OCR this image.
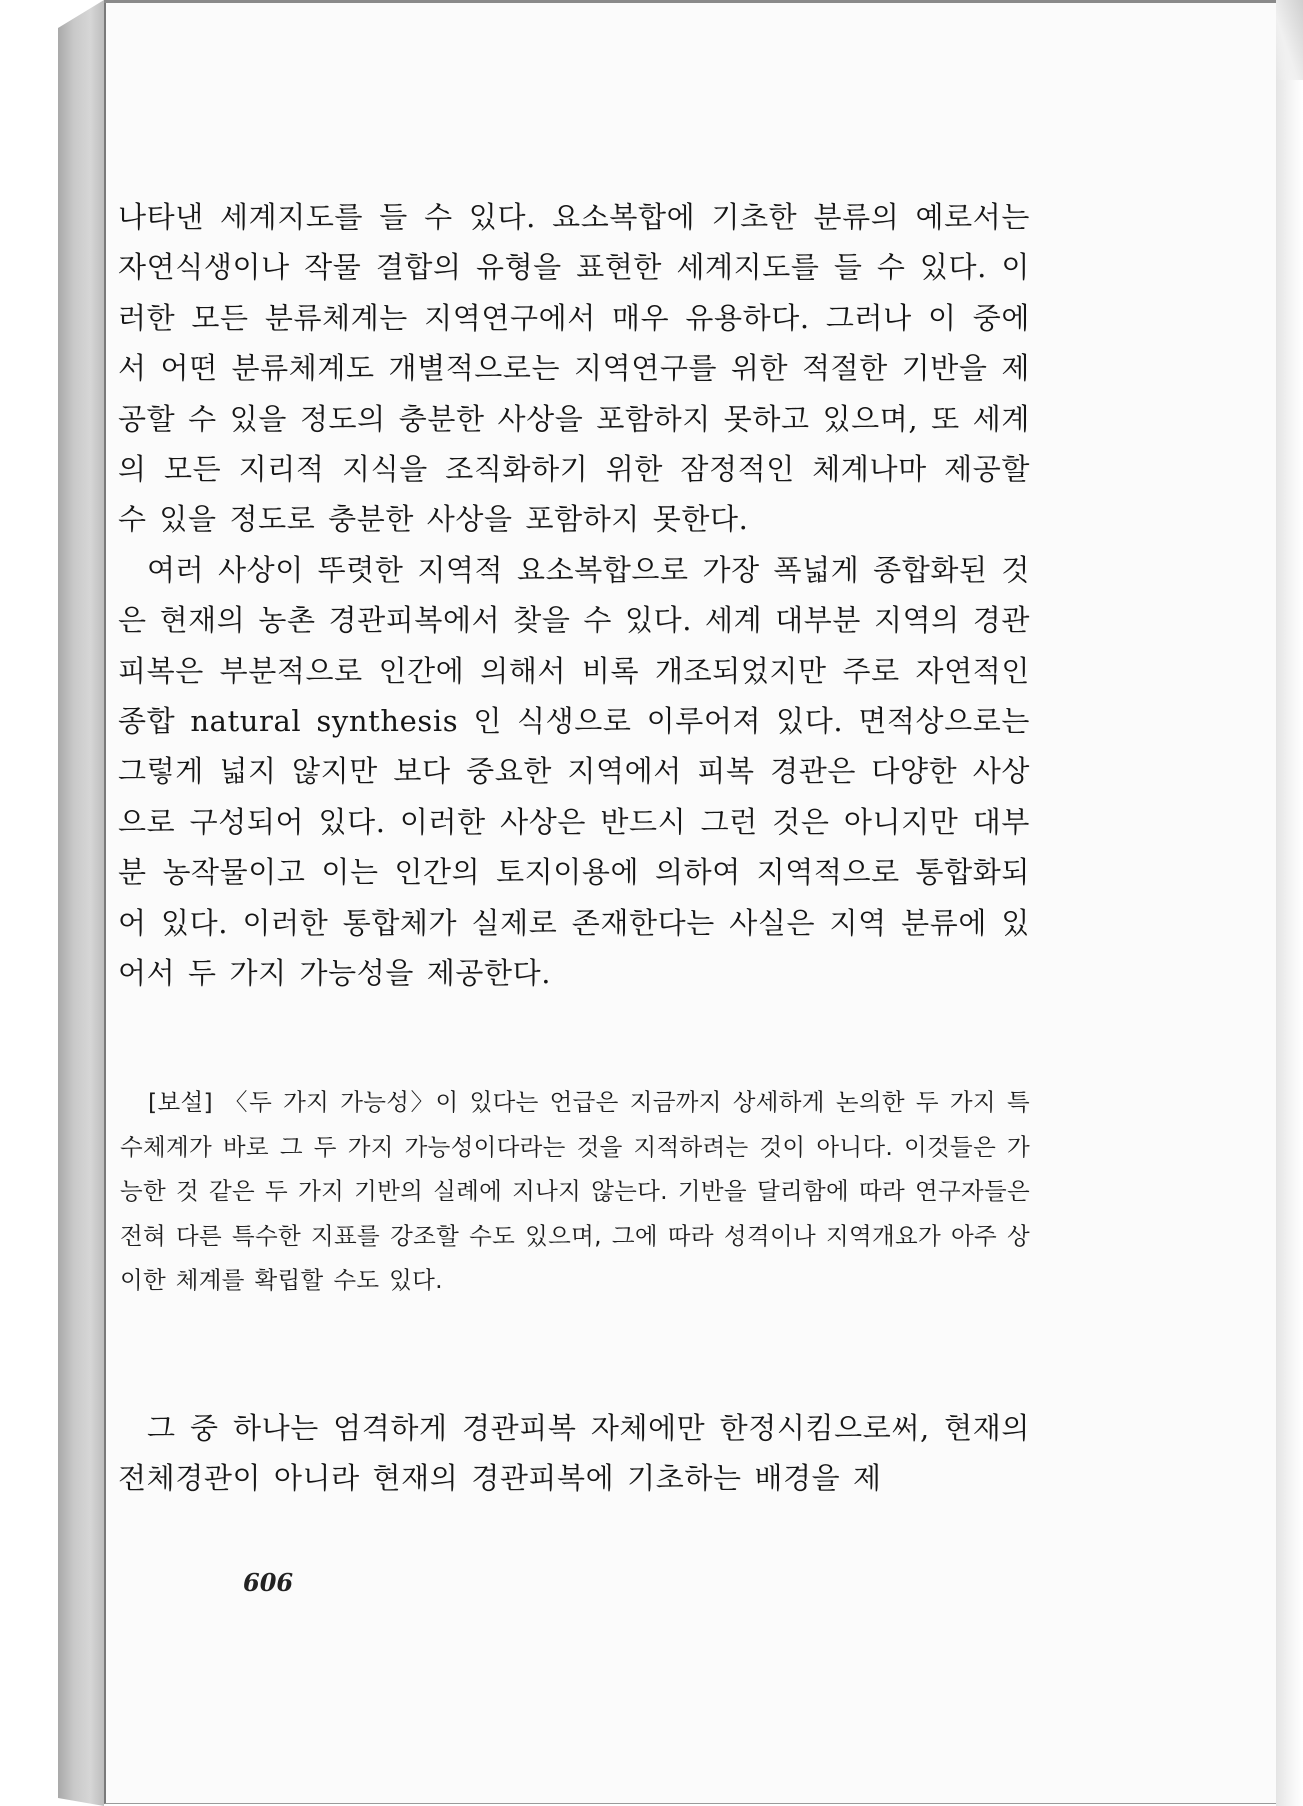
나타낸 세계지도를 들 수 있다. 요소복합에 기초한 분류의 예로서는 자연식생이나 작물 결합의 유형을 표현한 세계지도를 들 수 있다. 이러한 모든 분류체계는 지역연구에서 매우 유용하다. 그러나 이 중에서 어떤 분류체계도 개별적으로는 지역연구를 위한 적절한 기반을 제공할 수 있을 정도의 충분한 사상을 포함하지 못하고 있으며, 또 세계의 모든 지리적 지식을 조직화하기 위한 잠정적인 체계나마 제공할 수 있을 정도로 충분한 사상을 포함하지 못한다.

여러 사상이 뚜렷한 지역적 요소복합으로 가장 폭넓게 종합화된 것은 현재의 농촌 경관피복에서 찾을 수 있다. 세계 대부분 지역의 경관피복은 부분적으로 인간에 의해서 비록 개조되었지만 주로 자연적인 종합 natural synthesis 인 식생으로 이루어져 있다. 면적상으로는 그렇게 넓지 않지만 보다 중요한 지역에서 피복 경관은 다양한 사상으로 구성되어 있다. 이러한 사상은 반드시 그런 것은 아니지만 대부분 농작물이고 이는 인간의 토지이용에 의하여 지역적으로 통합화되어 있다. 이러한 통합체가 실제로 존재한다는 사실은 지역 분류에 있어서 두 가지 가능성을 제공한다.

[보설] 〈두 가지 가능성〉이 있다는 언급은 지금까지 상세하게 논의한 두 가지 특수체계가 바로 그 두 가지 가능성이다라는 것을 지적하려는 것이 아니다. 이것들은 가능한 것 같은 두 가지 기반의 실례에 지나지 않는다. 기반을 달리함에 따라 연구자들은 전혀 다른 특수한 지표를 강조할 수도 있으며, 그에 따라 성격이나 지역개요가 아주 상이한 체계를 확립할 수도 있다.

그 중 하나는 엄격하게 경관피복 자체에만 한정시킴으로써, 현재의 전체경관이 아니라 현재의 경관피복에 기초하는 배경을 제

606
